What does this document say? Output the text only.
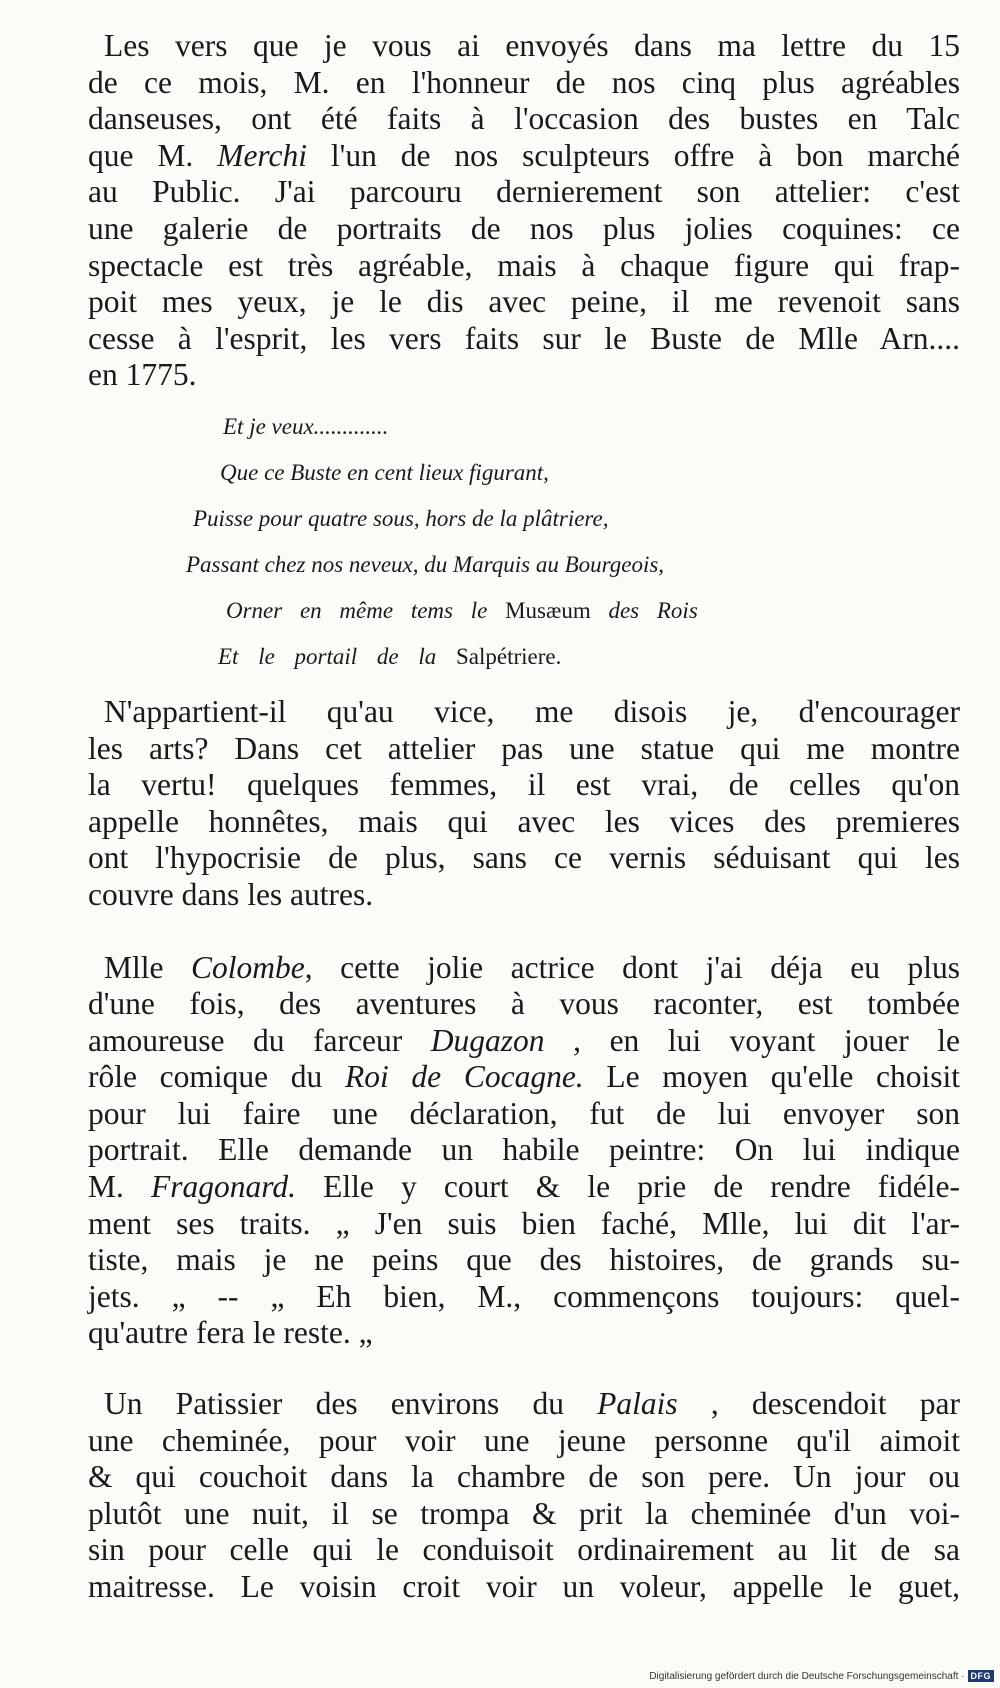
Les vers que je vous ai envoyés dans ma lettre du 15
de ce mois, M. en l'honneur de nos cinq plus agréables
danseuses, ont été faits à l'occasion des bustes en Talc
que M. Merchi l'un de nos sculpteurs offre à bon marché
au Public. J'ai parcouru dernierement son attelier: c'est
une galerie de portraits de nos plus jolies coquines: ce
spectacle est très agréable, mais à chaque figure qui frap-
poit mes yeux, je le dis avec peine, il me revenoit sans
cesse à l'esprit, les vers faits sur le Buste de Mlle Arn....
en 1775.

Et je veux.............
Que ce Buste en cent lieux figurant,
Puisse pour quatre sous, hors de la plâtriere,
Passant chez nos neveux, du Marquis au Bourgeois,
Orner en même tems le Musæum des Rois
Et le portail de la Salpétriere.

N'appartient-il qu'au vice, me disois je, d'encourager
les arts? Dans cet attelier pas une statue qui me montre
la vertu! quelques femmes, il est vrai, de celles qu'on
appelle honnêtes, mais qui avec les vices des premieres
ont l'hypocrisie de plus, sans ce vernis séduisant qui les
couvre dans les autres.

Mlle Colombe, cette jolie actrice dont j'ai déja eu plus
d'une fois, des aventures à vous raconter, est tombée
amoureuse du farceur Dugazon , en lui voyant jouer le
rôle comique du Roi de Cocagne. Le moyen qu'elle choisit
pour lui faire une déclaration, fut de lui envoyer son
portrait. Elle demande un habile peintre: On lui indique
M. Fragonard. Elle y court & le prie de rendre fidéle-
ment ses traits. „ J'en suis bien faché, Mlle, lui dit l'ar-
tiste, mais je ne peins que des histoires, de grands su-
jets. „ -- „ Eh bien, M., commençons toujours: quel-
qu'autre fera le reste. „

Un Patissier des environs du Palais , descendoit par
une cheminée, pour voir une jeune personne qu'il aimoit
& qui couchoit dans la chambre de son pere. Un jour ou
plutôt une nuit, il se trompa & prit la cheminée d'un voi-
sin pour celle qui le conduisoit ordinairement au lit de sa
maitresse. Le voisin croit voir un voleur, appelle le guet,

Digitalisierung gefördert durch die Deutsche Forschungsgemeinschaft · DFG
